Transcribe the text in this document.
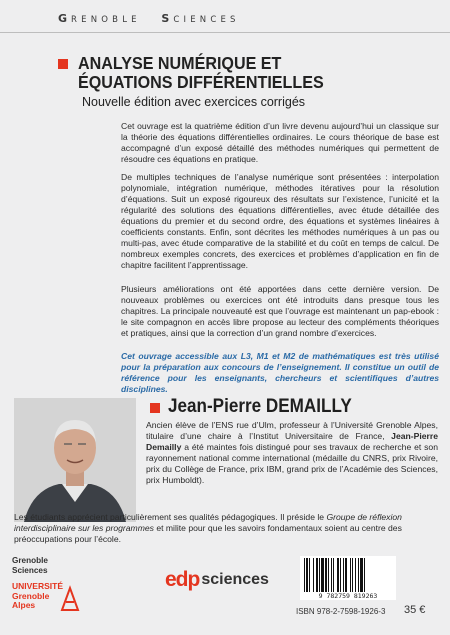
GRENOBLE SCIENCES
ANALYSE NUMÉRIQUE ET
ÉQUATIONS DIFFÉRENTIELLES
Nouvelle édition avec exercices corrigés

Cet ouvrage est la quatrième édition d’un livre devenu aujourd’hui un classique sur la théorie des équations différentielles ordinaires. Le cours théorique de base est accompagné d’un exposé détaillé des méthodes numériques qui permettent de résoudre ces équations en pratique.

De multiples techniques de l’analyse numérique sont présentées : interpolation polynomiale, intégration numérique, méthodes itératives pour la résolution d’équations. Suit un exposé rigoureux des résultats sur l’existence, l’unicité et la régularité des solutions des équations différentielles, avec étude détaillée des équations du premier et du second ordre, des équations et systèmes linéaires à coefficients constants. Enfin, sont décrites les méthodes numériques à un pas ou multi-pas, avec étude comparative de la stabilité et du coût en temps de calcul. De nombreux exemples concrets, des exercices et problèmes d’application en fin de chapitre facilitent l’apprentissage.

Plusieurs améliorations ont été apportées dans cette dernière version. De nouveaux problèmes ou exercices ont été introduits dans presque tous les chapitres. La principale nouveauté est que l’ouvrage est maintenant un pap-ebook : le site compagnon en accès libre propose au lecteur des compléments théoriques et pratiques, ainsi que la correction d’un grand nombre d’exercices.

Cet ouvrage accessible aux L3, M1 et M2 de mathématiques est très utilisé pour la préparation aux concours de l’enseignement. Il constitue un outil de référence pour les enseignants, chercheurs et scientifiques d’autres disciplines.

Jean-Pierre DEMAILLY

Ancien élève de l’ENS rue d’Ulm, professeur à l’Université Grenoble Alpes, titulaire d’une chaire à l’Institut Universitaire de France, Jean-Pierre Demailly a été maintes fois distingué pour ses travaux de recherche et son rayonnement national comme international (médaille du CNRS, prix Rivoire, prix du Collège de France, prix IBM, grand prix de l’Académie des Sciences, prix Humboldt).

Les étudiants apprécient particulièrement ses qualités pédagogiques. Il préside le Groupe de réflexion interdisciplinaire sur les programmes et milite pour que les savoirs fondamentaux soient au centre des préoccupations pour l’école.

Grenoble
Sciences
UNIVERSITÉ
Grenoble
Alpes
edp sciences
9 782759 819263
ISBN 978-2-7598-1926-3 35 €
